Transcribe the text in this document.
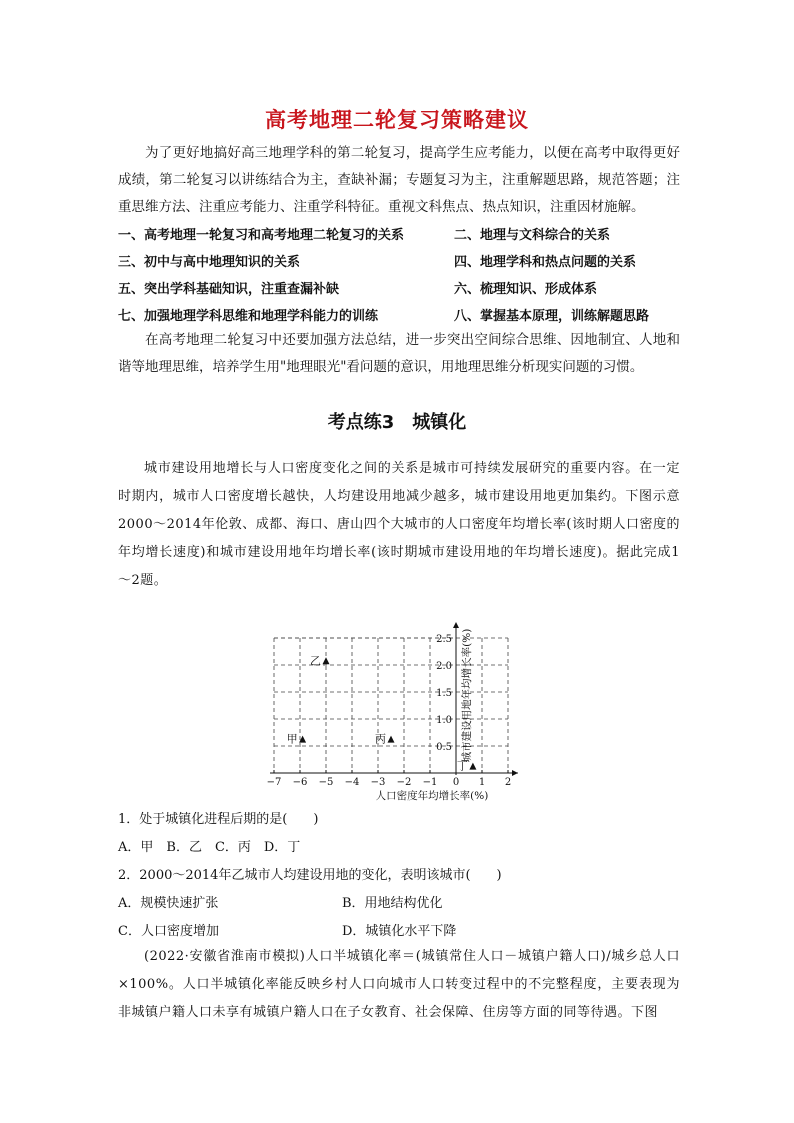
高考地理二轮复习策略建议

为了更好地搞好高三地理学科的第二轮复习，提高学生应考能力，以便在高考中取得更好成绩，第二轮复习以讲练结合为主，查缺补漏；专题复习为主，注重解题思路，规范答题；注重思维方法、注重应考能力、注重学科特征。重视文科焦点、热点知识，注重因材施解。

一、高考地理一轮复习和高考地理二轮复习的关系	二、地理与文科综合的关系
三、初中与高中地理知识的关系	四、地理学科和热点问题的关系
五、突出学科基础知识，注重查漏补缺	六、梳理知识、形成体系
七、加强地理学科思维和地理学科能力的训练	八、掌握基本原理，训练解题思路

在高考地理二轮复习中还要加强方法总结，进一步突出空间综合思维、因地制宜、人地和谐等地理思维，培养学生用"地理眼光"看问题的意识，用地理思维分析现实问题的习惯。

考点练3　城镇化

城市建设用地增长与人口密度变化之间的关系是城市可持续发展研究的重要内容。在一定时期内，城市人口密度增长越快，人均建设用地减少越多，城市建设用地更加集约。下图示意2000～2014年伦敦、成都、海口、唐山四个大城市的人口密度年均增长率(该时期人口密度的年均增长速度)和城市建设用地年均增长率(该时期城市建设用地的年均增长速度)。据此完成1～2题。

−7 −6 −5 −4 −3 −2 −1 0 1 2
0.5
1.0
1.5
2.0
2.5
人口密度年均增长率(%)
城市建设用地年均增长率(%)
甲
乙
丙
丁
1．处于城镇化进程后期的是(　　)
A．甲　B．乙　C．丙　D．丁
2．2000～2014年乙城市人均建设用地的变化，表明该城市(　　)
A．规模快速扩张	B．用地结构优化
C．人口密度增加	D．城镇化水平下降

(2022·安徽省淮南市模拟)人口半城镇化率＝(城镇常住人口－城镇户籍人口)/城乡总人口×100%。人口半城镇化率能反映乡村人口向城市人口转变过程中的不完整程度，主要表现为非城镇户籍人口未享有城镇户籍人口在子女教育、社会保障、住房等方面的同等待遇。下图
